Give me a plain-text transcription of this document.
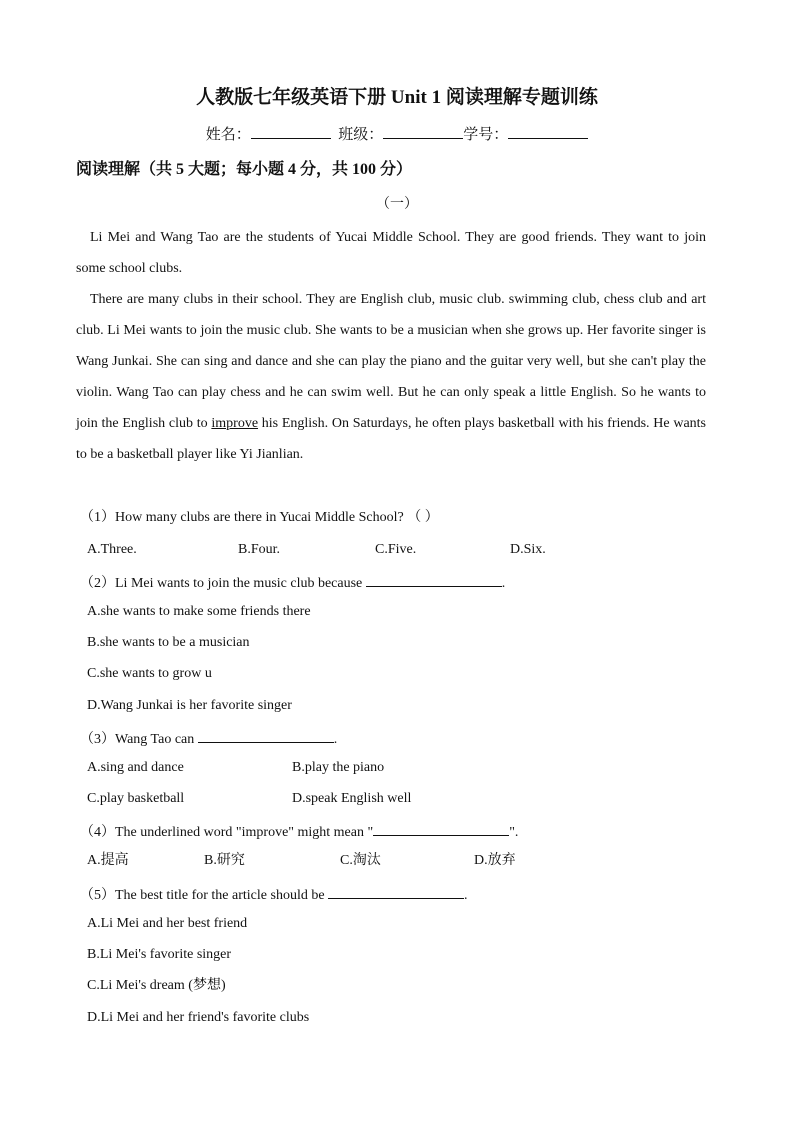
人教版七年级英语下册 Unit 1 阅读理解专题训练
姓名：	班级：	学号：
阅读理解（共 5 大题；每小题 4 分，共 100 分）
（一）
Li Mei and Wang Tao are the students of Yucai Middle School. They are good friends. They want to join some school clubs.
There are many clubs in their school. They are English club, music club. swimming club, chess club and art club. Li Mei wants to join the music club. She wants to be a musician when she grows up. Her favorite singer is Wang Junkai. She can sing and dance and she can play the piano and the guitar very well, but she can't play the violin. Wang Tao can play chess and he can swim well. But he can only speak a little English. So he wants to join the English club to improve his English. On Saturdays, he often plays basketball with his friends. He wants to be a basketball player like Yi Jianlian.
（1）How many clubs are there in Yucai Middle School? （ ）
A.Three.	B.Four.	C.Five.	D.Six.
（2）Li Mei wants to join the music club because	.
A.she wants to make some friends there
B.she wants to be a musician
C.she wants to grow u
D.Wang Junkai is her favorite singer
（3）Wang Tao can	.
A.sing and dance	B.play the piano
C.play basketball	D.speak English well
（4）The underlined word "improve" might mean "	".
A.提高	B.研究	C.淘汰	D.放弃
（5）The best title for the article should be	.
A.Li Mei and her best friend
B.Li Mei's favorite singer
C.Li Mei's dream (梦想)
D.Li Mei and her friend's favorite clubs
